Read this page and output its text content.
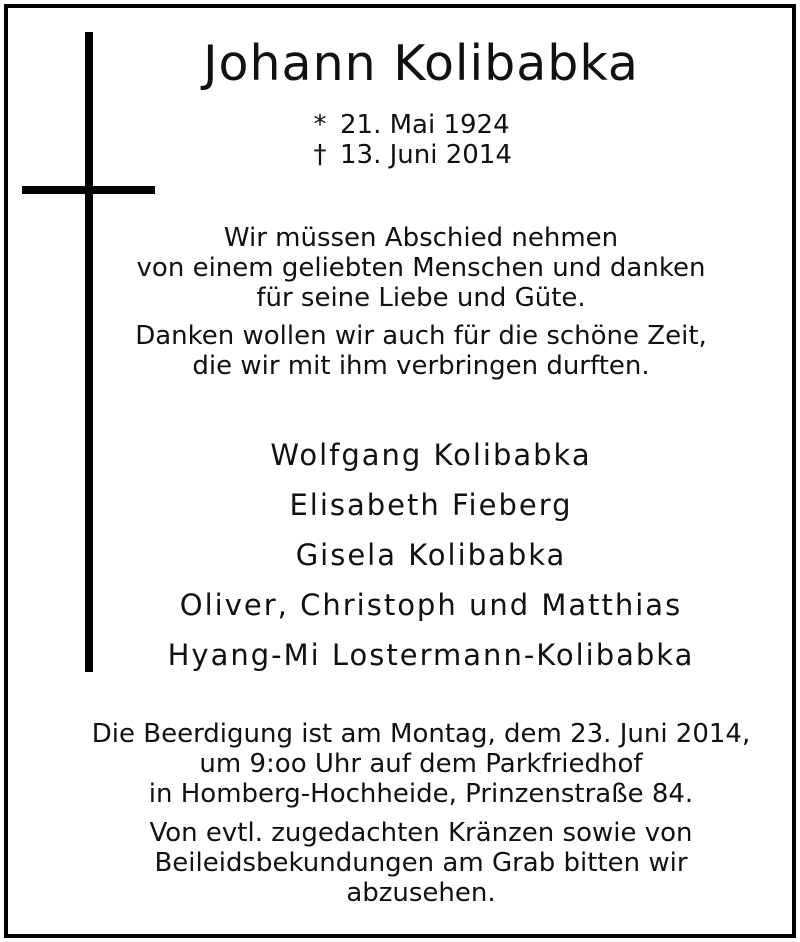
Johann Kolibabka
* 21. Mai 1924
† 13. Juni 2014
Wir müssen Abschied nehmen
von einem geliebten Menschen und danken
für seine Liebe und Güte.
Danken wollen wir auch für die schöne Zeit,
die wir mit ihm verbringen durften.
Wolfgang Kolibabka
Elisabeth Fieberg
Gisela Kolibabka
Oliver, Christoph und Matthias
Hyang-Mi Lostermann-Kolibabka
Die Beerdigung ist am Montag, dem 23. Juni 2014,
um 9:oo Uhr auf dem Parkfriedhof
in Homberg-Hochheide, Prinzenstraße 84.
Von evtl. zugedachten Kränzen sowie von
Beileidsbekundungen am Grab bitten wir
abzusehen.
